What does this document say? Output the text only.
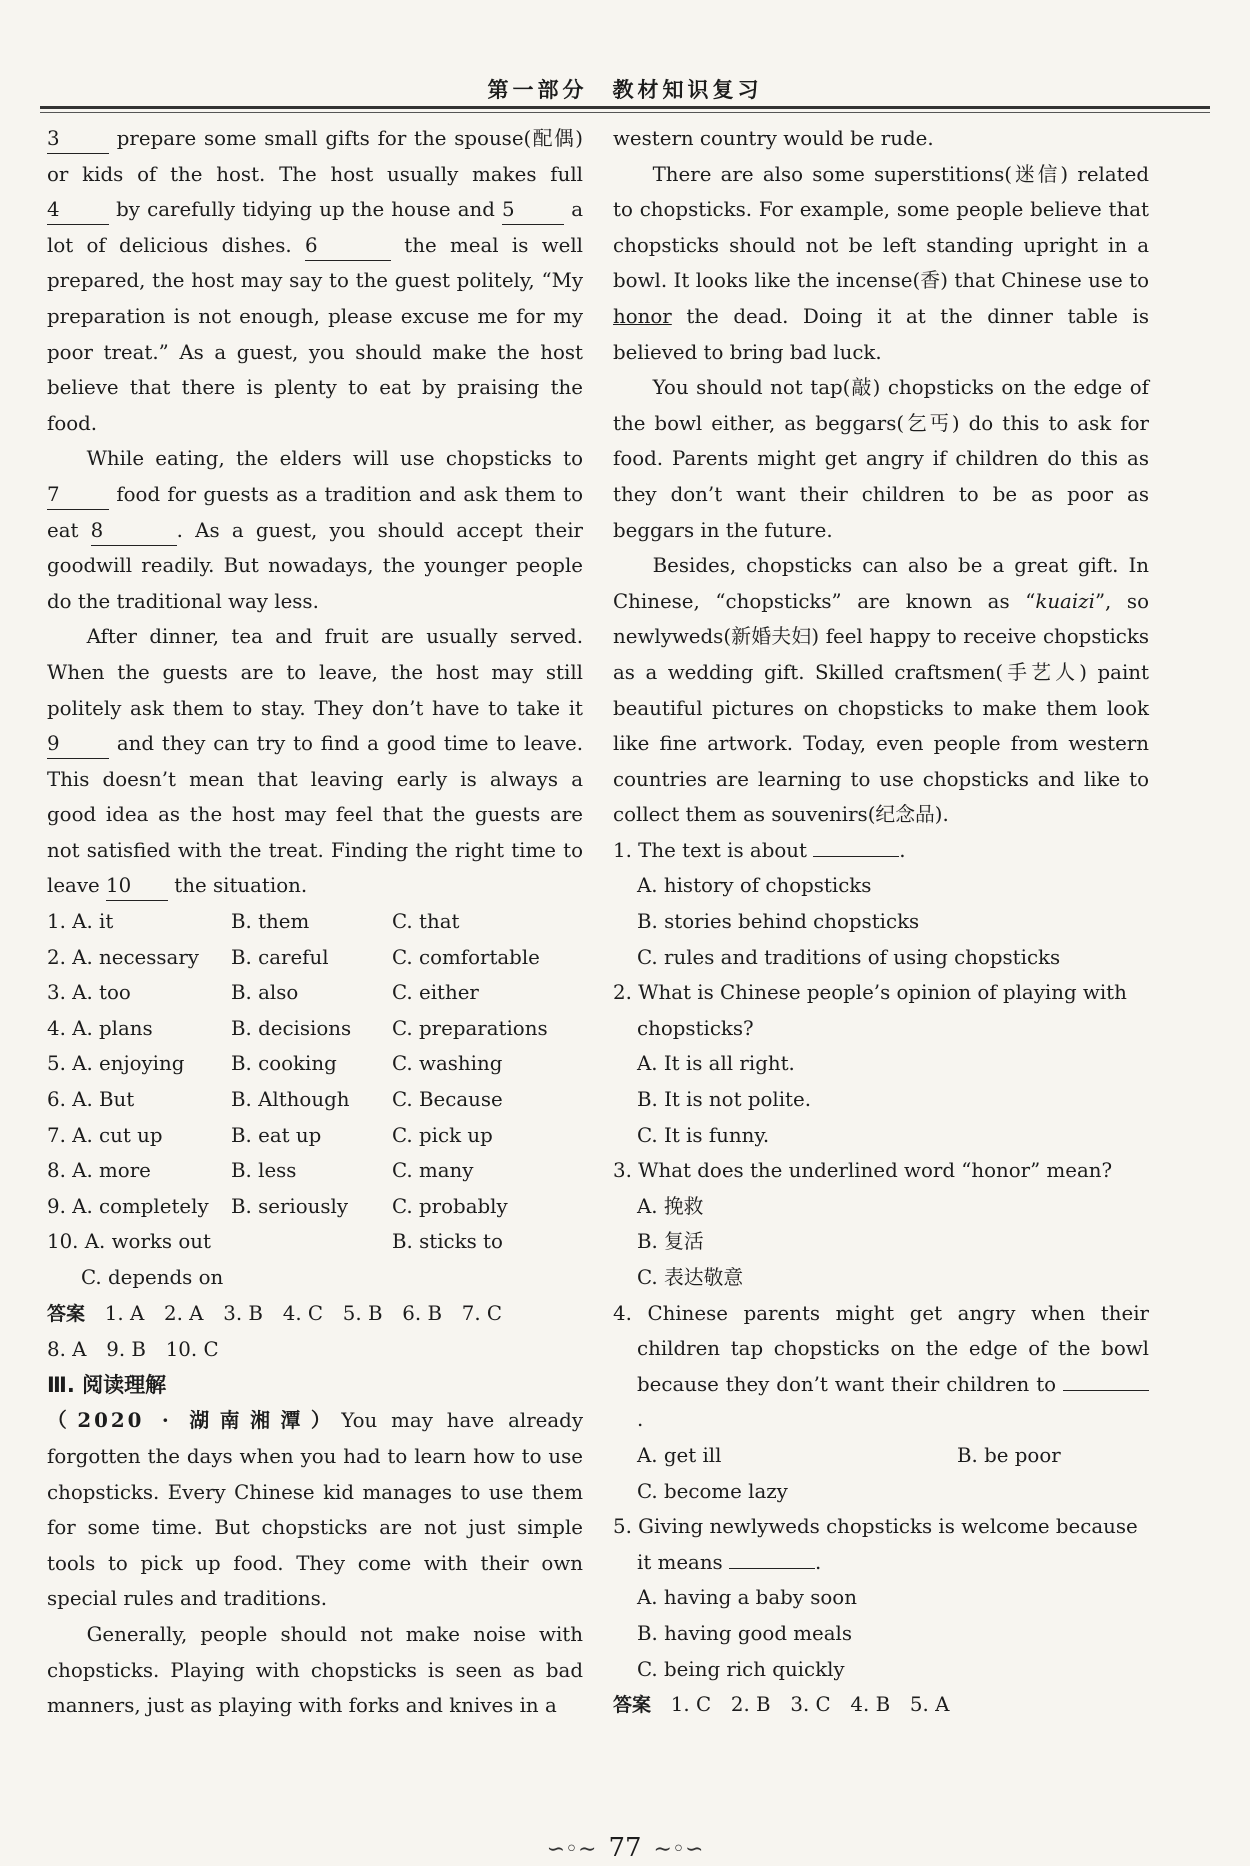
第一部分　教材知识复习

3 prepare some small gifts for the spouse(配偶) or kids of the host. The host usually makes full 4 by carefully tidying up the house and 5 a lot of delicious dishes. 6	the meal is well prepared, the host may say to the guest politely, “My preparation is not enough, please excuse me for my poor treat.” As a guest, you should make the host believe that there is plenty to eat by praising the food.

While eating, the elders will use chopsticks to 7 food for guests as a tradition and ask them to eat 8	. As a guest, you should accept their goodwill readily. But nowadays, the younger people do the traditional way less.

After dinner, tea and fruit are usually served. When the guests are to leave, the host may still politely ask them to stay. They don’t have to take it 9 and they can try to find a good time to leave. This doesn’t mean that leaving early is always a good idea as the host may feel that the guests are not satisfied with the treat. Finding the right time to leave 10 the situation.

1. A. it	B. them	C. that
2. A. necessary	B. careful	C. comfortable
3. A. too	B. also	C. either
4. A. plans	B. decisions	C. preparations
5. A. enjoying	B. cooking	C. washing
6. A. But	B. Although	C. Because
7. A. cut up	B. eat up	C. pick up
8. A. more	B. less	C. many
9. A. completely	B. seriously	C. probably
10. A. works out	B. sticks to
C. depends on

答案　1. A　2. A　3. B　4. C　5. B　6. B　7. C
8. A　9. B　10. C

Ⅲ. 阅读理解

（2020 · 湖南湘潭）You may have already forgotten the days when you had to learn how to use chopsticks. Every Chinese kid manages to use them for some time. But chopsticks are not just simple tools to pick up food. They come with their own special rules and traditions.

Generally, people should not make noise with chopsticks. Playing with chopsticks is seen as bad manners, just as playing with forks and knives in a

western country would be rude.

There are also some superstitions(迷信) related to chopsticks. For example, some people believe that chopsticks should not be left standing upright in a bowl. It looks like the incense(香) that Chinese use to honor the dead. Doing it at the dinner table is believed to bring bad luck.

You should not tap(敲) chopsticks on the edge of the bowl either, as beggars(乞丐) do this to ask for food. Parents might get angry if children do this as they don’t want their children to be as poor as beggars in the future.

Besides, chopsticks can also be a great gift. In Chinese, “chopsticks” are known as “kuaizi”, so newlyweds(新婚夫妇) feel happy to receive chopsticks as a wedding gift. Skilled craftsmen(手艺人) paint beautiful pictures on chopsticks to make them look like fine artwork. Today, even people from western countries are learning to use chopsticks and like to collect them as souvenirs(纪念品).

1. The text is about	.

A. history of chopsticks

B. stories behind chopsticks

C. rules and traditions of using chopsticks

2. What is Chinese people’s opinion of playing with chopsticks?

A. It is all right.

B. It is not polite.

C. It is funny.

3. What does the underlined word “honor” mean?

A. 挽救

B. 复活

C. 表达敬意

4. Chinese parents might get angry when their children tap chopsticks on the edge of the bowl because they don’t want their children to .

A. get ill	B. be poor

C. become lazy

5. Giving newlyweds chopsticks is welcome because it means	.

A. having a baby soon

B. having good meals

C. being rich quickly

答案　1. C　2. B　3. C　4. B　5. A

∽◦∼ 77 ∼◦∽
